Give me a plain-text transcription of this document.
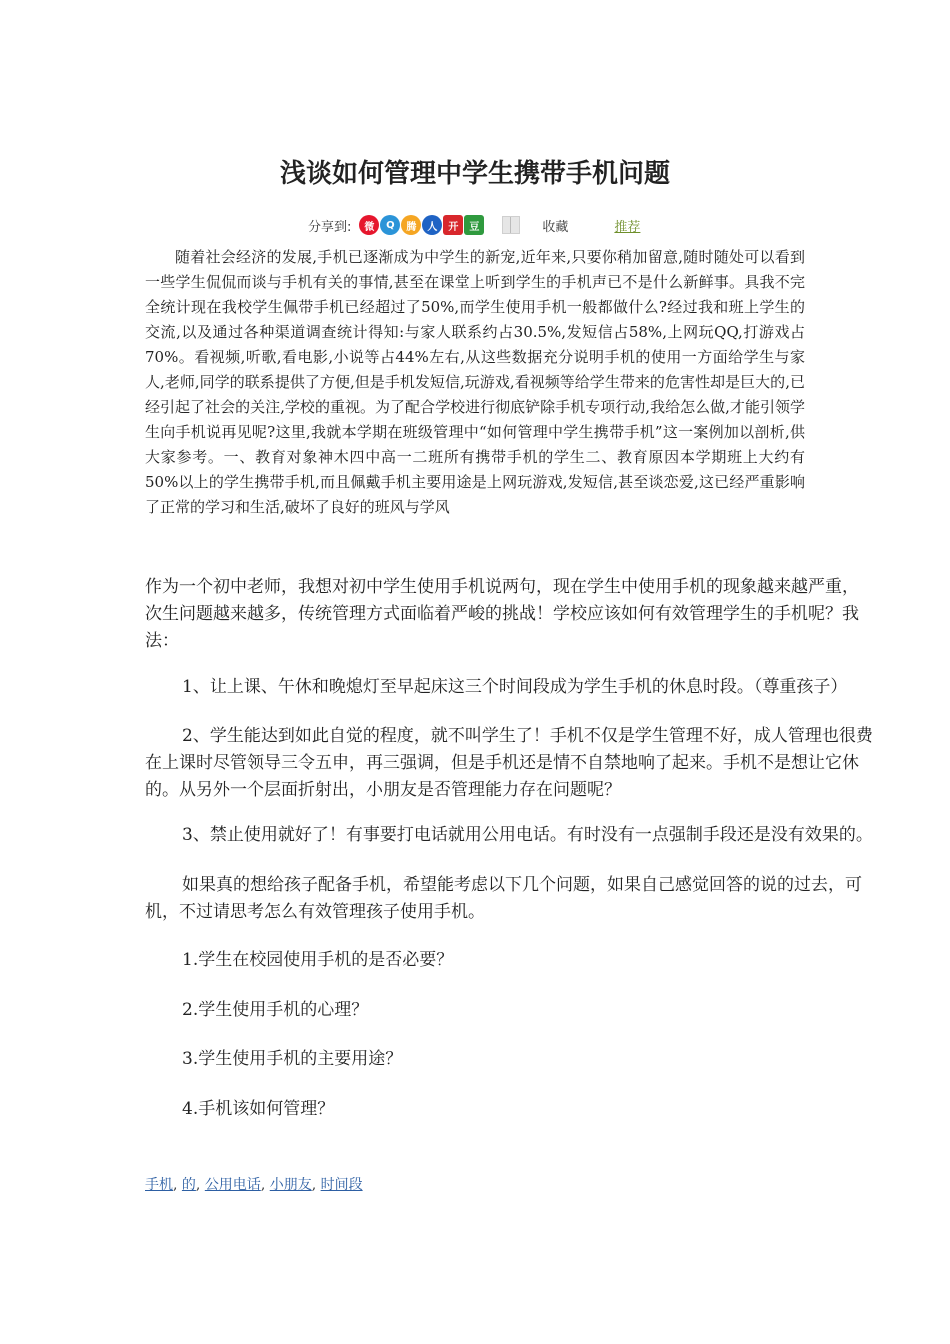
浅谈如何管理中学生携带手机问题
分享到:	微	Q	腾	人	开	豆	收藏	推荐

随着社会经济的发展,手机已逐渐成为中学生的新宠,近年来,只要你稍加留意,随时随处可以看到一些学生侃侃而谈与手机有关的事情,甚至在课堂上听到学生的手机声已不是什么新鲜事。具我不完全统计现在我校学生佩带手机已经超过了50%,而学生使用手机一般都做什么?经过我和班上学生的交流,以及通过各种渠道调查统计得知:与家人联系约占30.5%,发短信占58%,上网玩QQ,打游戏占70%。看视频,听歌,看电影,小说等占44%左右,从这些数据充分说明手机的使用一方面给学生与家人,老师,同学的联系提供了方便,但是手机发短信,玩游戏,看视频等给学生带来的危害性却是巨大的,已经引起了社会的关注,学校的重视。为了配合学校进行彻底铲除手机专项行动,我给怎么做,才能引领学生向手机说再见呢?这里,我就本学期在班级管理中“如何管理中学生携带手机”这一案例加以剖析,供大家参考。一、教育对象神木四中高一二班所有携带手机的学生二、教育原因本学期班上大约有50%以上的学生携带手机,而且佩戴手机主要用途是上网玩游戏,发短信,甚至谈恋爱,这已经严重影响了正常的学习和生活,破坏了良好的班风与学风

作为一个初中老师，我想对初中学生使用手机说两句，现在学生中使用手机的现象越来越严重，
次生问题越来越多，传统管理方式面临着严峻的挑战！学校应该如何有效管理学生的手机呢？我
法：
1、让上课、午休和晚熄灯至早起床这三个时间段成为学生手机的休息时段。（尊重孩子）
2、学生能达到如此自觉的程度，就不叫学生了！手机不仅是学生管理不好，成人管理也很费
在上课时尽管领导三令五申，再三强调，但是手机还是情不自禁地响了起来。手机不是想让它休
的。从另外一个层面折射出，小朋友是否管理能力存在问题呢？
3、禁止使用就好了！有事要打电话就用公用电话。有时没有一点强制手段还是没有效果的。
如果真的想给孩子配备手机，希望能考虑以下几个问题，如果自己感觉回答的说的过去，可
机，不过请思考怎么有效管理孩子使用手机。
1.学生在校园使用手机的是否必要？
2.学生使用手机的心理？
3.学生使用手机的主要用途？
4.手机该如何管理？
手机, 的, 公用电话, 小朋友, 时间段
